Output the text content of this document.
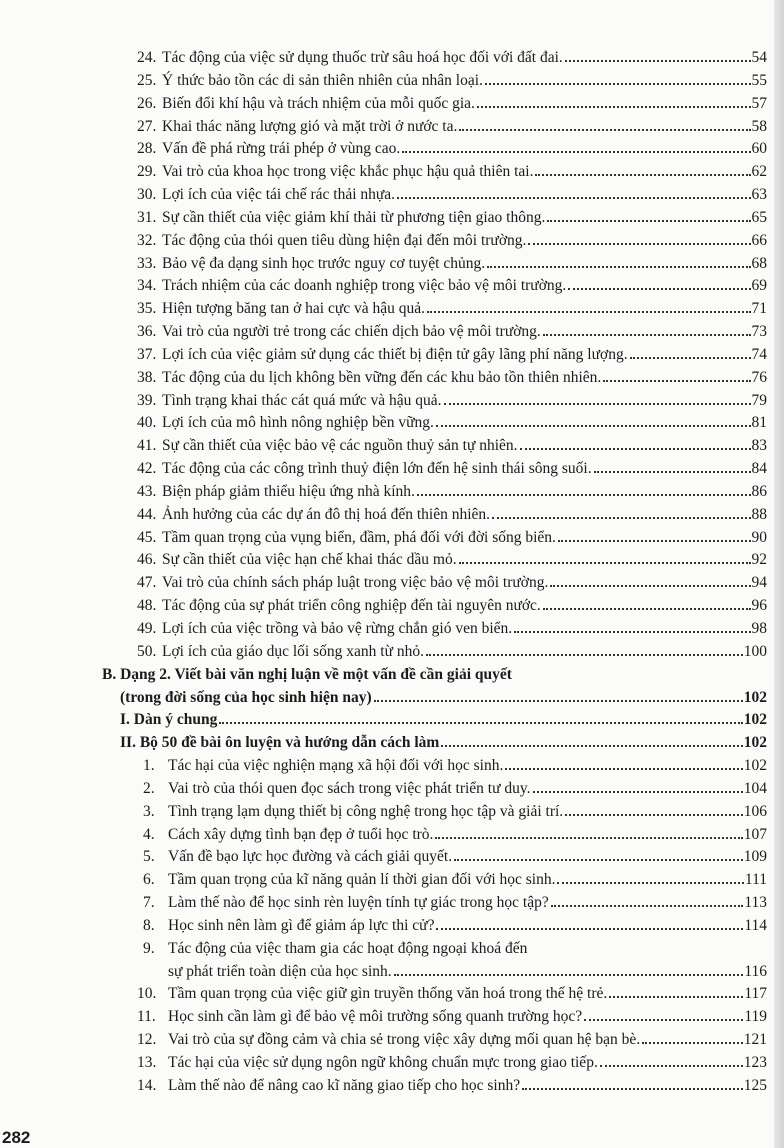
24. Tác động của việc sử dụng thuốc trừ sâu hoá học đối với đất đai.	54
25. Ý thức bảo tồn các di sản thiên nhiên của nhân loại.	55
26. Biến đổi khí hậu và trách nhiệm của mỗi quốc gia.	57
27. Khai thác năng lượng gió và mặt trời ở nước ta.	58
28. Vấn đề phá rừng trái phép ở vùng cao.	60
29. Vai trò của khoa học trong việc khắc phục hậu quả thiên tai.	62
30. Lợi ích của việc tái chế rác thải nhựa.	63
31. Sự cần thiết của việc giảm khí thải từ phương tiện giao thông.	65
32. Tác động của thói quen tiêu dùng hiện đại đến môi trường.	66
33. Bảo vệ đa dạng sinh học trước nguy cơ tuyệt chủng.	68
34. Trách nhiệm của các doanh nghiệp trong việc bảo vệ môi trường.	69
35. Hiện tượng băng tan ở hai cực và hậu quả.	71
36. Vai trò của người trẻ trong các chiến dịch bảo vệ môi trường.	73
37. Lợi ích của việc giảm sử dụng các thiết bị điện tử gây lãng phí năng lượng.	74
38. Tác động của du lịch không bền vững đến các khu bảo tồn thiên nhiên.	76
39. Tình trạng khai thác cát quá mức và hậu quả.	79
40. Lợi ích của mô hình nông nghiệp bền vững.	81
41. Sự cần thiết của việc bảo vệ các nguồn thuỷ sản tự nhiên.	83
42. Tác động của các công trình thuỷ điện lớn đến hệ sinh thái sông suối.	84
43. Biện pháp giảm thiểu hiệu ứng nhà kính.	86
44. Ảnh hưởng của các dự án đô thị hoá đến thiên nhiên.	88
45. Tầm quan trọng của vụng biển, đầm, phá đối với đời sống biển.	90
46. Sự cần thiết của việc hạn chế khai thác dầu mỏ.	92
47. Vai trò của chính sách pháp luật trong việc bảo vệ môi trường.	94
48. Tác động của sự phát triển công nghiệp đến tài nguyên nước.	96
49. Lợi ích của việc trồng và bảo vệ rừng chắn gió ven biển.	98
50. Lợi ích của giáo dục lối sống xanh từ nhỏ.	100
B. Dạng 2. Viết bài văn nghị luận về một vấn đề cần giải quyết
(trong đời sống của học sinh hiện nay)	102
I. Dàn ý chung	102
II. Bộ 50 đề bài ôn luyện và hướng dẫn cách làm	102
1. Tác hại của việc nghiện mạng xã hội đối với học sinh.	102
2. Vai trò của thói quen đọc sách trong việc phát triển tư duy.	104
3. Tình trạng lạm dụng thiết bị công nghệ trong học tập và giải trí.	106
4. Cách xây dựng tình bạn đẹp ở tuổi học trò.	107
5. Vấn đề bạo lực học đường và cách giải quyết.	109
6. Tầm quan trọng của kĩ năng quản lí thời gian đối với học sinh.	111
7. Làm thế nào để học sinh rèn luyện tính tự giác trong học tập?	113
8. Học sinh nên làm gì để giảm áp lực thi cử?	114
9. Tác động của việc tham gia các hoạt động ngoại khoá đến
sự phát triển toàn diện của học sinh.	116
10. Tầm quan trọng của việc giữ gìn truyền thống văn hoá trong thế hệ trẻ.	117
11. Học sinh cần làm gì để bảo vệ môi trường sống quanh trường học?	119
12. Vai trò của sự đồng cảm và chia sẻ trong việc xây dựng mối quan hệ bạn bè.	121
13. Tác hại của việc sử dụng ngôn ngữ không chuẩn mực trong giao tiếp.	123
14. Làm thế nào để nâng cao kĩ năng giao tiếp cho học sinh?	125
282
